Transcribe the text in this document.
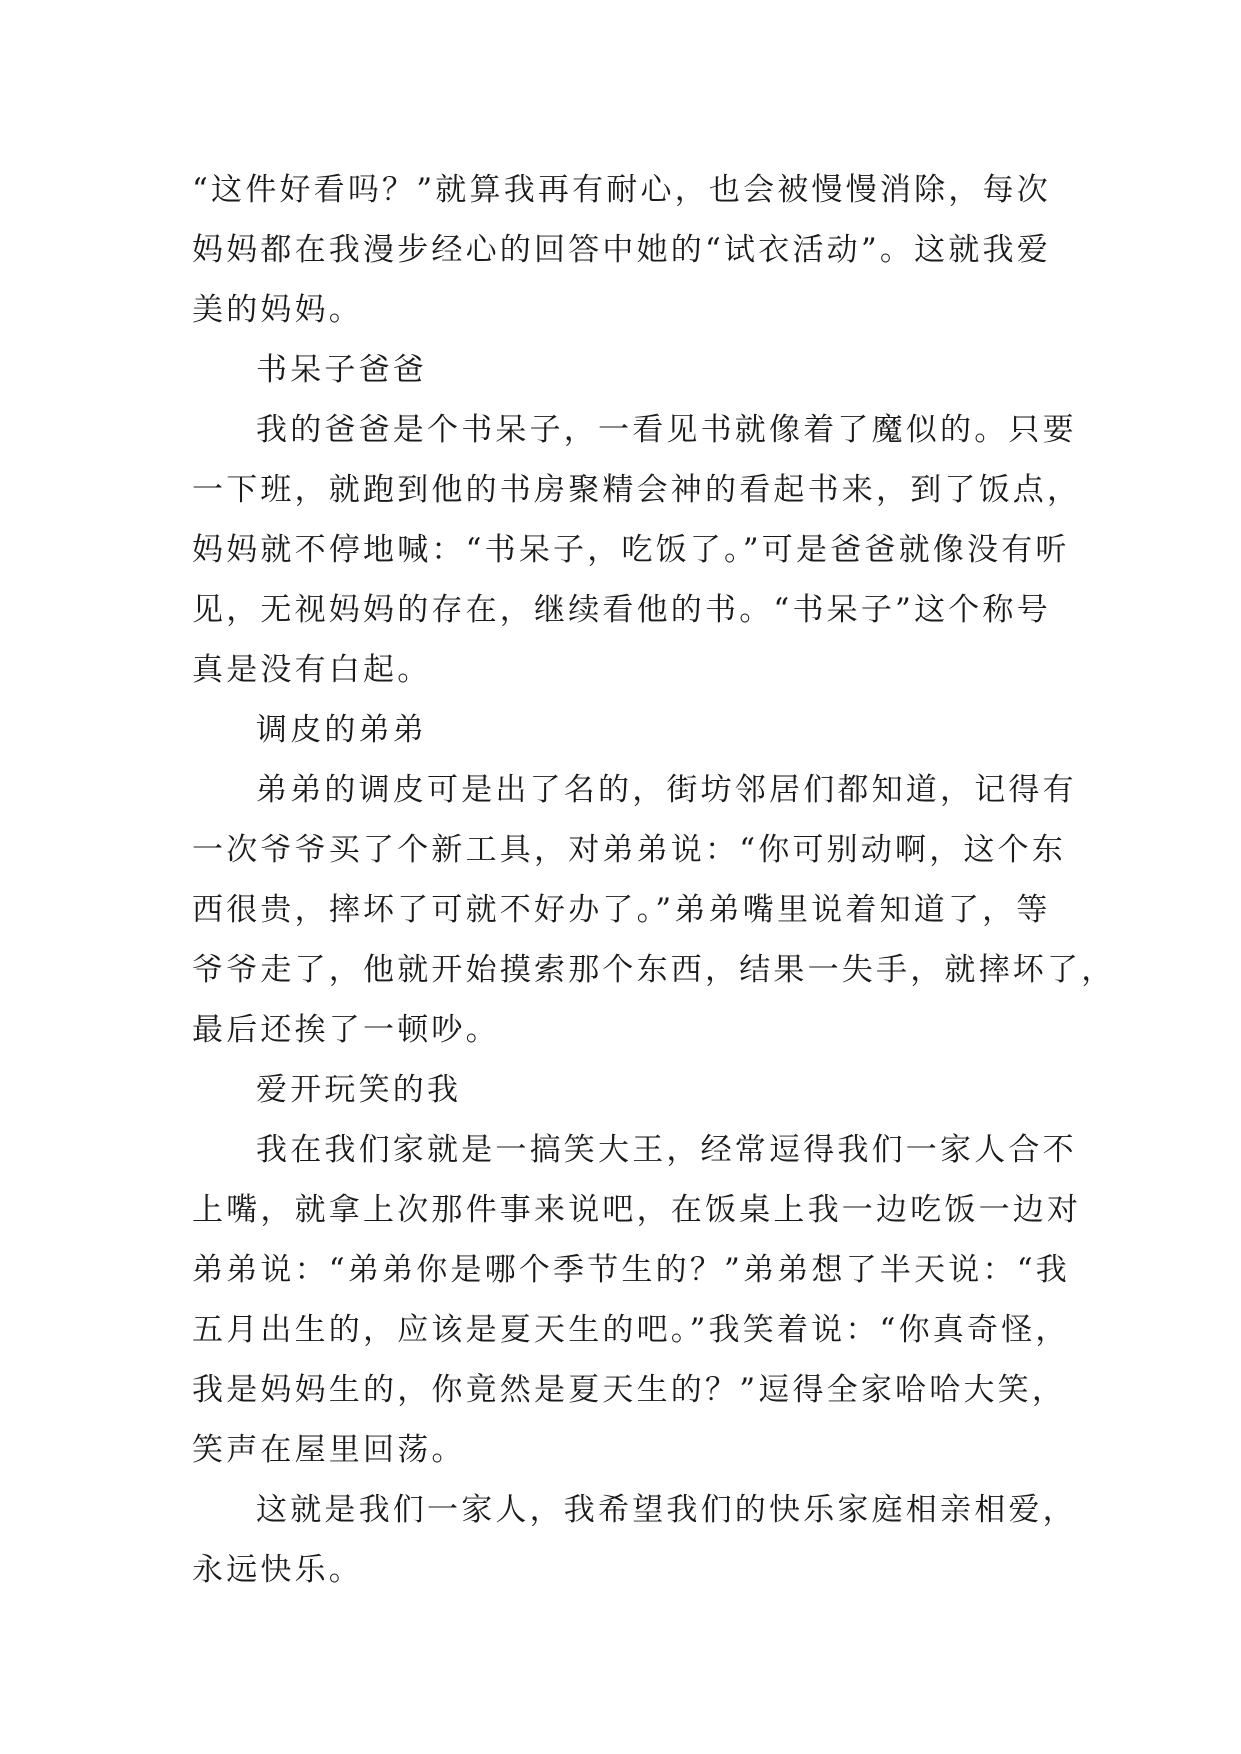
“这件好看吗？”就算我再有耐心，也会被慢慢消除，每次
妈妈都在我漫步经心的回答中她的“试衣活动”。这就我爱
美的妈妈。
书呆子爸爸
我的爸爸是个书呆子，一看见书就像着了魔似的。只要
一下班，就跑到他的书房聚精会神的看起书来，到了饭点，
妈妈就不停地喊：“书呆子，吃饭了。”可是爸爸就像没有听
见，无视妈妈的存在，继续看他的书。“书呆子”这个称号
真是没有白起。
调皮的弟弟
弟弟的调皮可是出了名的，街坊邻居们都知道，记得有
一次爷爷买了个新工具，对弟弟说：“你可别动啊，这个东
西很贵，摔坏了可就不好办了。”弟弟嘴里说着知道了，等
爷爷走了，他就开始摸索那个东西，结果一失手，就摔坏了，
最后还挨了一顿吵。
爱开玩笑的我
我在我们家就是一搞笑大王，经常逗得我们一家人合不
上嘴，就拿上次那件事来说吧，在饭桌上我一边吃饭一边对
弟弟说：“弟弟你是哪个季节生的？”弟弟想了半天说：“我
五月出生的，应该是夏天生的吧。”我笑着说：“你真奇怪，
我是妈妈生的，你竟然是夏天生的？”逗得全家哈哈大笑，
笑声在屋里回荡。
这就是我们一家人，我希望我们的快乐家庭相亲相爱，
永远快乐。
